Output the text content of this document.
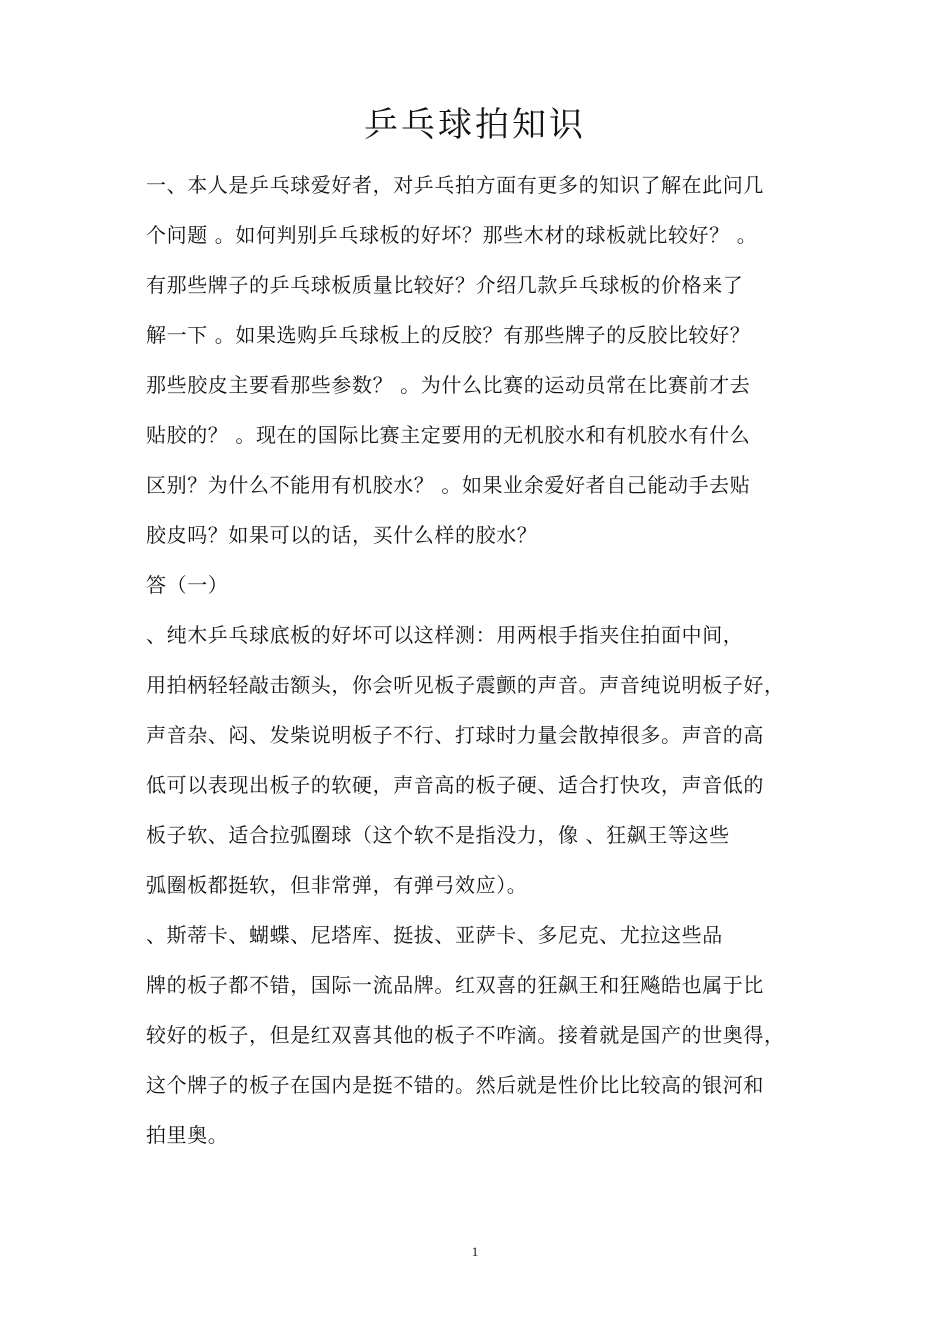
乒乓球拍知识
一、本人是乒乓球爱好者，对乒乓拍方面有更多的知识了解在此问几
个问题 。如何判别乒乓球板的好坏？那些木材的球板就比较好？ 。
有那些牌子的乒乓球板质量比较好？介绍几款乒乓球板的价格来了
解一下 。如果选购乒乓球板上的反胶？有那些牌子的反胶比较好？
那些胶皮主要看那些参数？ 。为什么比赛的运动员常在比赛前才去
贴胶的？ 。现在的国际比赛主定要用的无机胶水和有机胶水有什么
区别？为什么不能用有机胶水？ 。如果业余爱好者自己能动手去贴
胶皮吗？如果可以的话，买什么样的胶水？
答（一）
、纯木乒乓球底板的好坏可以这样测：用两根手指夹住拍面中间，
用拍柄轻轻敲击额头，你会听见板子震颤的声音。声音纯说明板子好，
声音杂、闷、发柴说明板子不行、打球时力量会散掉很多。声音的高
低可以表现出板子的软硬，声音高的板子硬、适合打快攻，声音低的
板子软、适合拉弧圈球（这个软不是指没力，像 、狂飙王等这些
弧圈板都挺软，但非常弹，有弹弓效应）。
、斯蒂卡、蝴蝶、尼塔库、挺拔、亚萨卡、多尼克、尤拉这些品
牌的板子都不错，国际一流品牌。红双喜的狂飙王和狂飚皓也属于比
较好的板子，但是红双喜其他的板子不咋滴。接着就是国产的世奥得，
这个牌子的板子在国内是挺不错的。然后就是性价比比较高的银河和
拍里奥。
1
